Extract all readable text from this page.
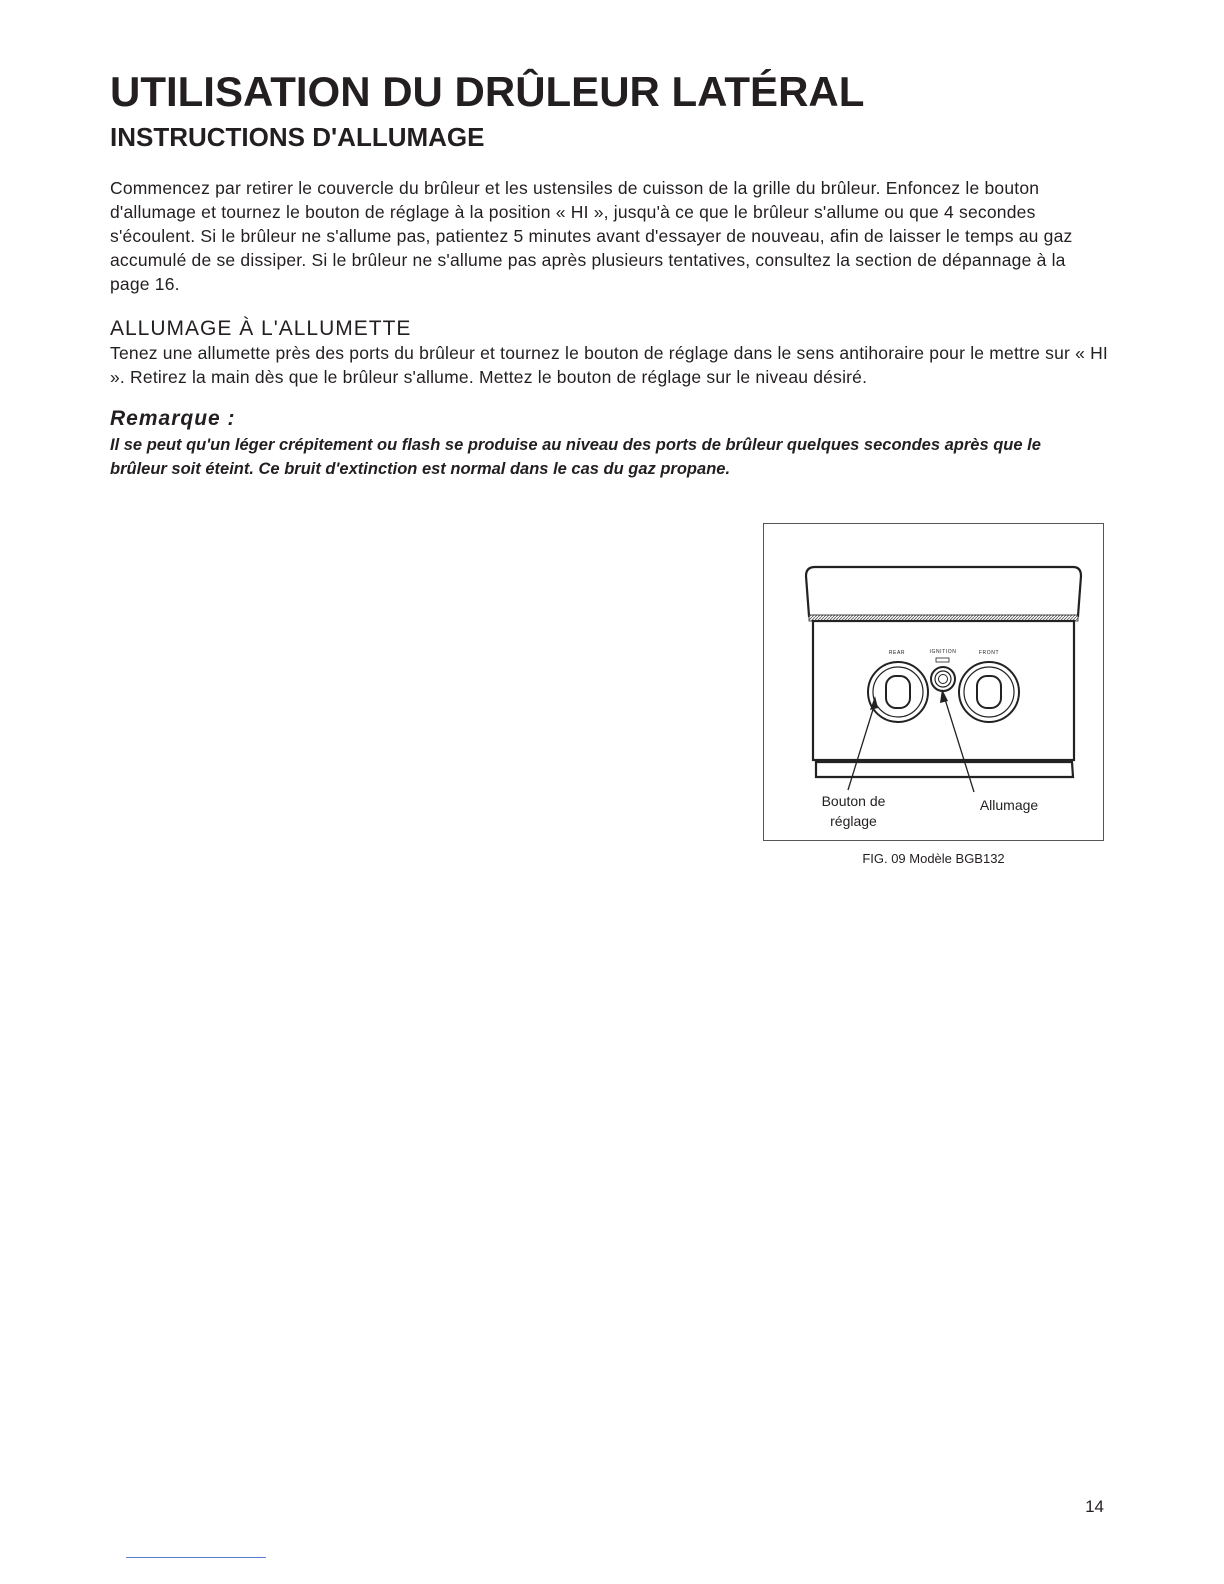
UTILISATION DU DRÛLEUR LATÉRAL
INSTRUCTIONS D'ALLUMAGE

Commencez par retirer le couvercle du brûleur et les ustensiles de cuisson de la grille du brûleur. Enfoncez le bouton d'allumage et tournez le bouton de réglage à la position « HI », jusqu'à ce que le brûleur s'allume ou que 4 secondes s'écoulent. Si le brûleur ne s'allume pas, patientez 5 minutes avant d'essayer de nouveau, afin de laisser le temps au gaz accumulé de se dissiper. Si le brûleur ne s'allume pas après plusieurs tentatives, consultez la section de dépannage à la page 16.

ALLUMAGE À L'ALLUMETTE

Tenez une allumette près des ports du brûleur et tournez le bouton de réglage dans le sens antihoraire pour le mettre sur « HI ». Retirez la main dès que le brûleur s'allume. Mettez le bouton de réglage sur le niveau désiré.

Remarque :

Il se peut qu'un léger crépitement ou flash se produise au niveau des ports de brûleur quelques secondes après que le brûleur soit éteint. Ce bruit d'extinction est normal dans le cas du gaz propane.

REAR	IGNITION	FRONT
Bouton de
réglage
Allumage
FIG. 09 Modèle BGB132
14
